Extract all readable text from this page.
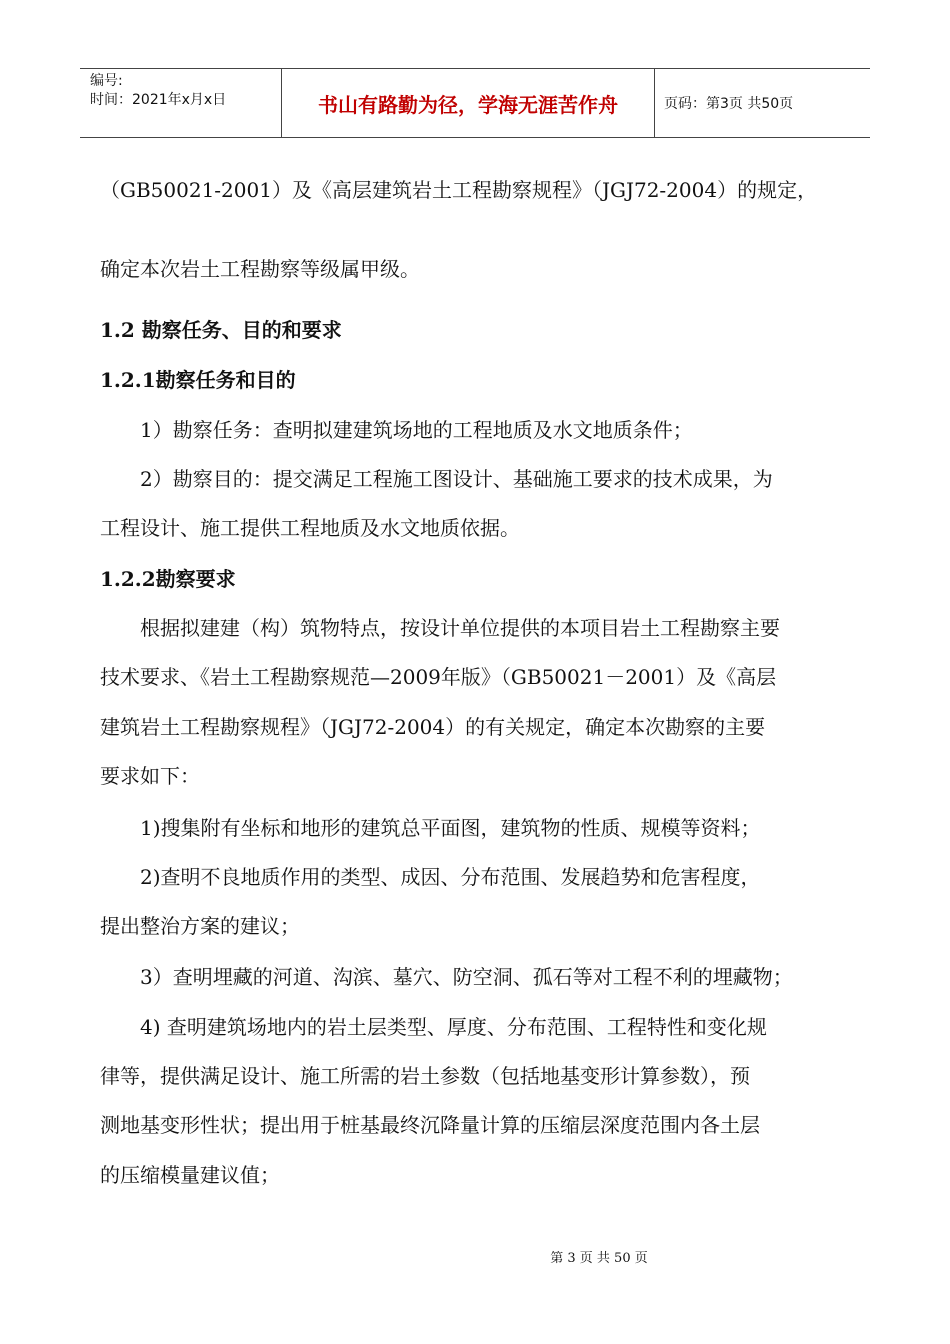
编号:
时间：2021年x月x日	书山有路勤为径，学海无涯苦作舟	页码：第3页 共50页
（GB50021-2001）及《高层建筑岩土工程勘察规程》（JGJ72-2004）的规定，
确定本次岩土工程勘察等级属甲级。
1.2 勘察任务、目的和要求
1.2.1勘察任务和目的
1）勘察任务：查明拟建建筑场地的工程地质及水文地质条件；
2）勘察目的：提交满足工程施工图设计、基础施工要求的技术成果，为
工程设计、施工提供工程地质及水文地质依据。
1.2.2勘察要求
根据拟建建（构）筑物特点，按设计单位提供的本项目岩土工程勘察主要
技术要求、《岩土工程勘察规范—2009年版》（GB50021－2001）及《高层
建筑岩土工程勘察规程》（JGJ72-2004）的有关规定，确定本次勘察的主要
要求如下：
1)搜集附有坐标和地形的建筑总平面图，建筑物的性质、规模等资料；
2)查明不良地质作用的类型、成因、分布范围、发展趋势和危害程度，
提出整治方案的建议；
3）查明埋藏的河道、沟滨、墓穴、防空洞、孤石等对工程不利的埋藏物；
4) 查明建筑场地内的岩土层类型、厚度、分布范围、工程特性和变化规
律等，提供满足设计、施工所需的岩土参数（包括地基变形计算参数），预
测地基变形性状；提出用于桩基最终沉降量计算的压缩层深度范围内各土层
的压缩模量建议值；
第 3 页 共 50 页
